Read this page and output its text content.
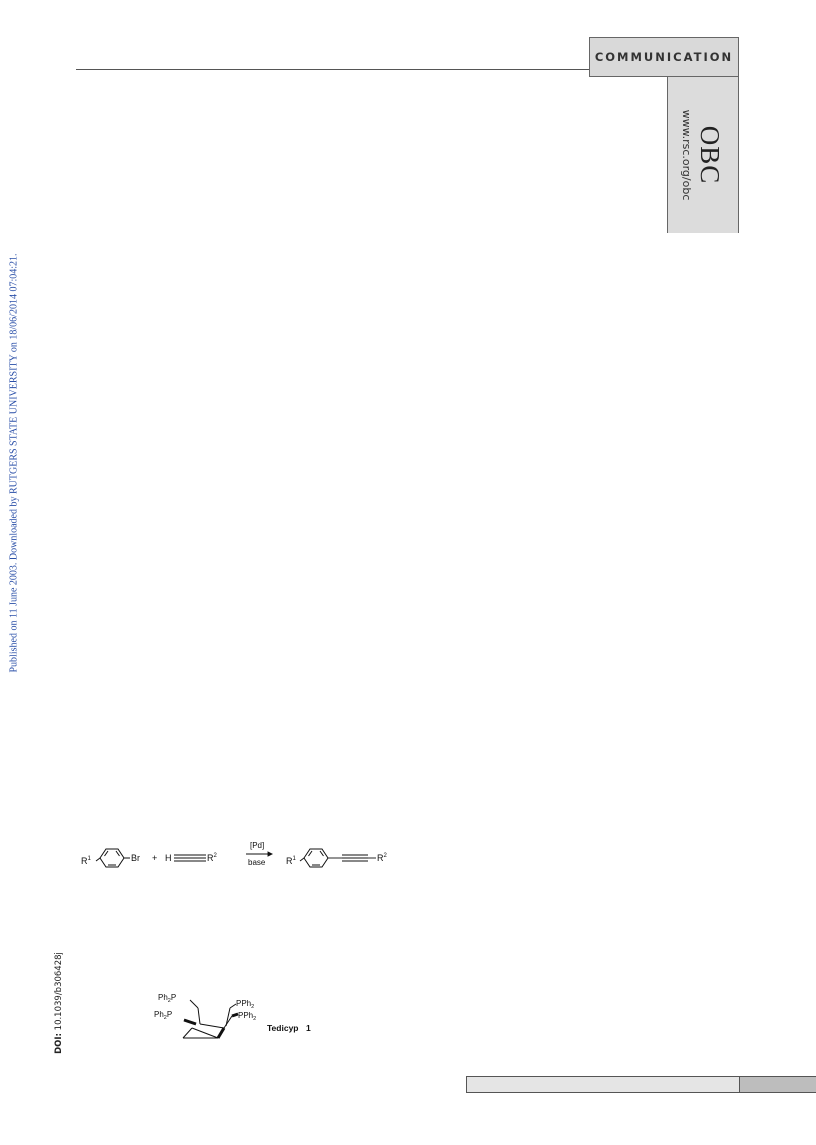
COMMUNICATION
OBC
www.rsc.org/obc
Published on 11 June 2003. Downloaded by RUTGERS STATE UNIVERSITY on 18/06/2014 07:04:21.
DOI: 10.1039/b306428j
$R^1$	Br + H	$R^2$
[Pd]
base $R^1$	$R^2$
$Ph_2P$
$Ph_2P$
PPh$_2$
PPh$_2$
Tedicyp 1
